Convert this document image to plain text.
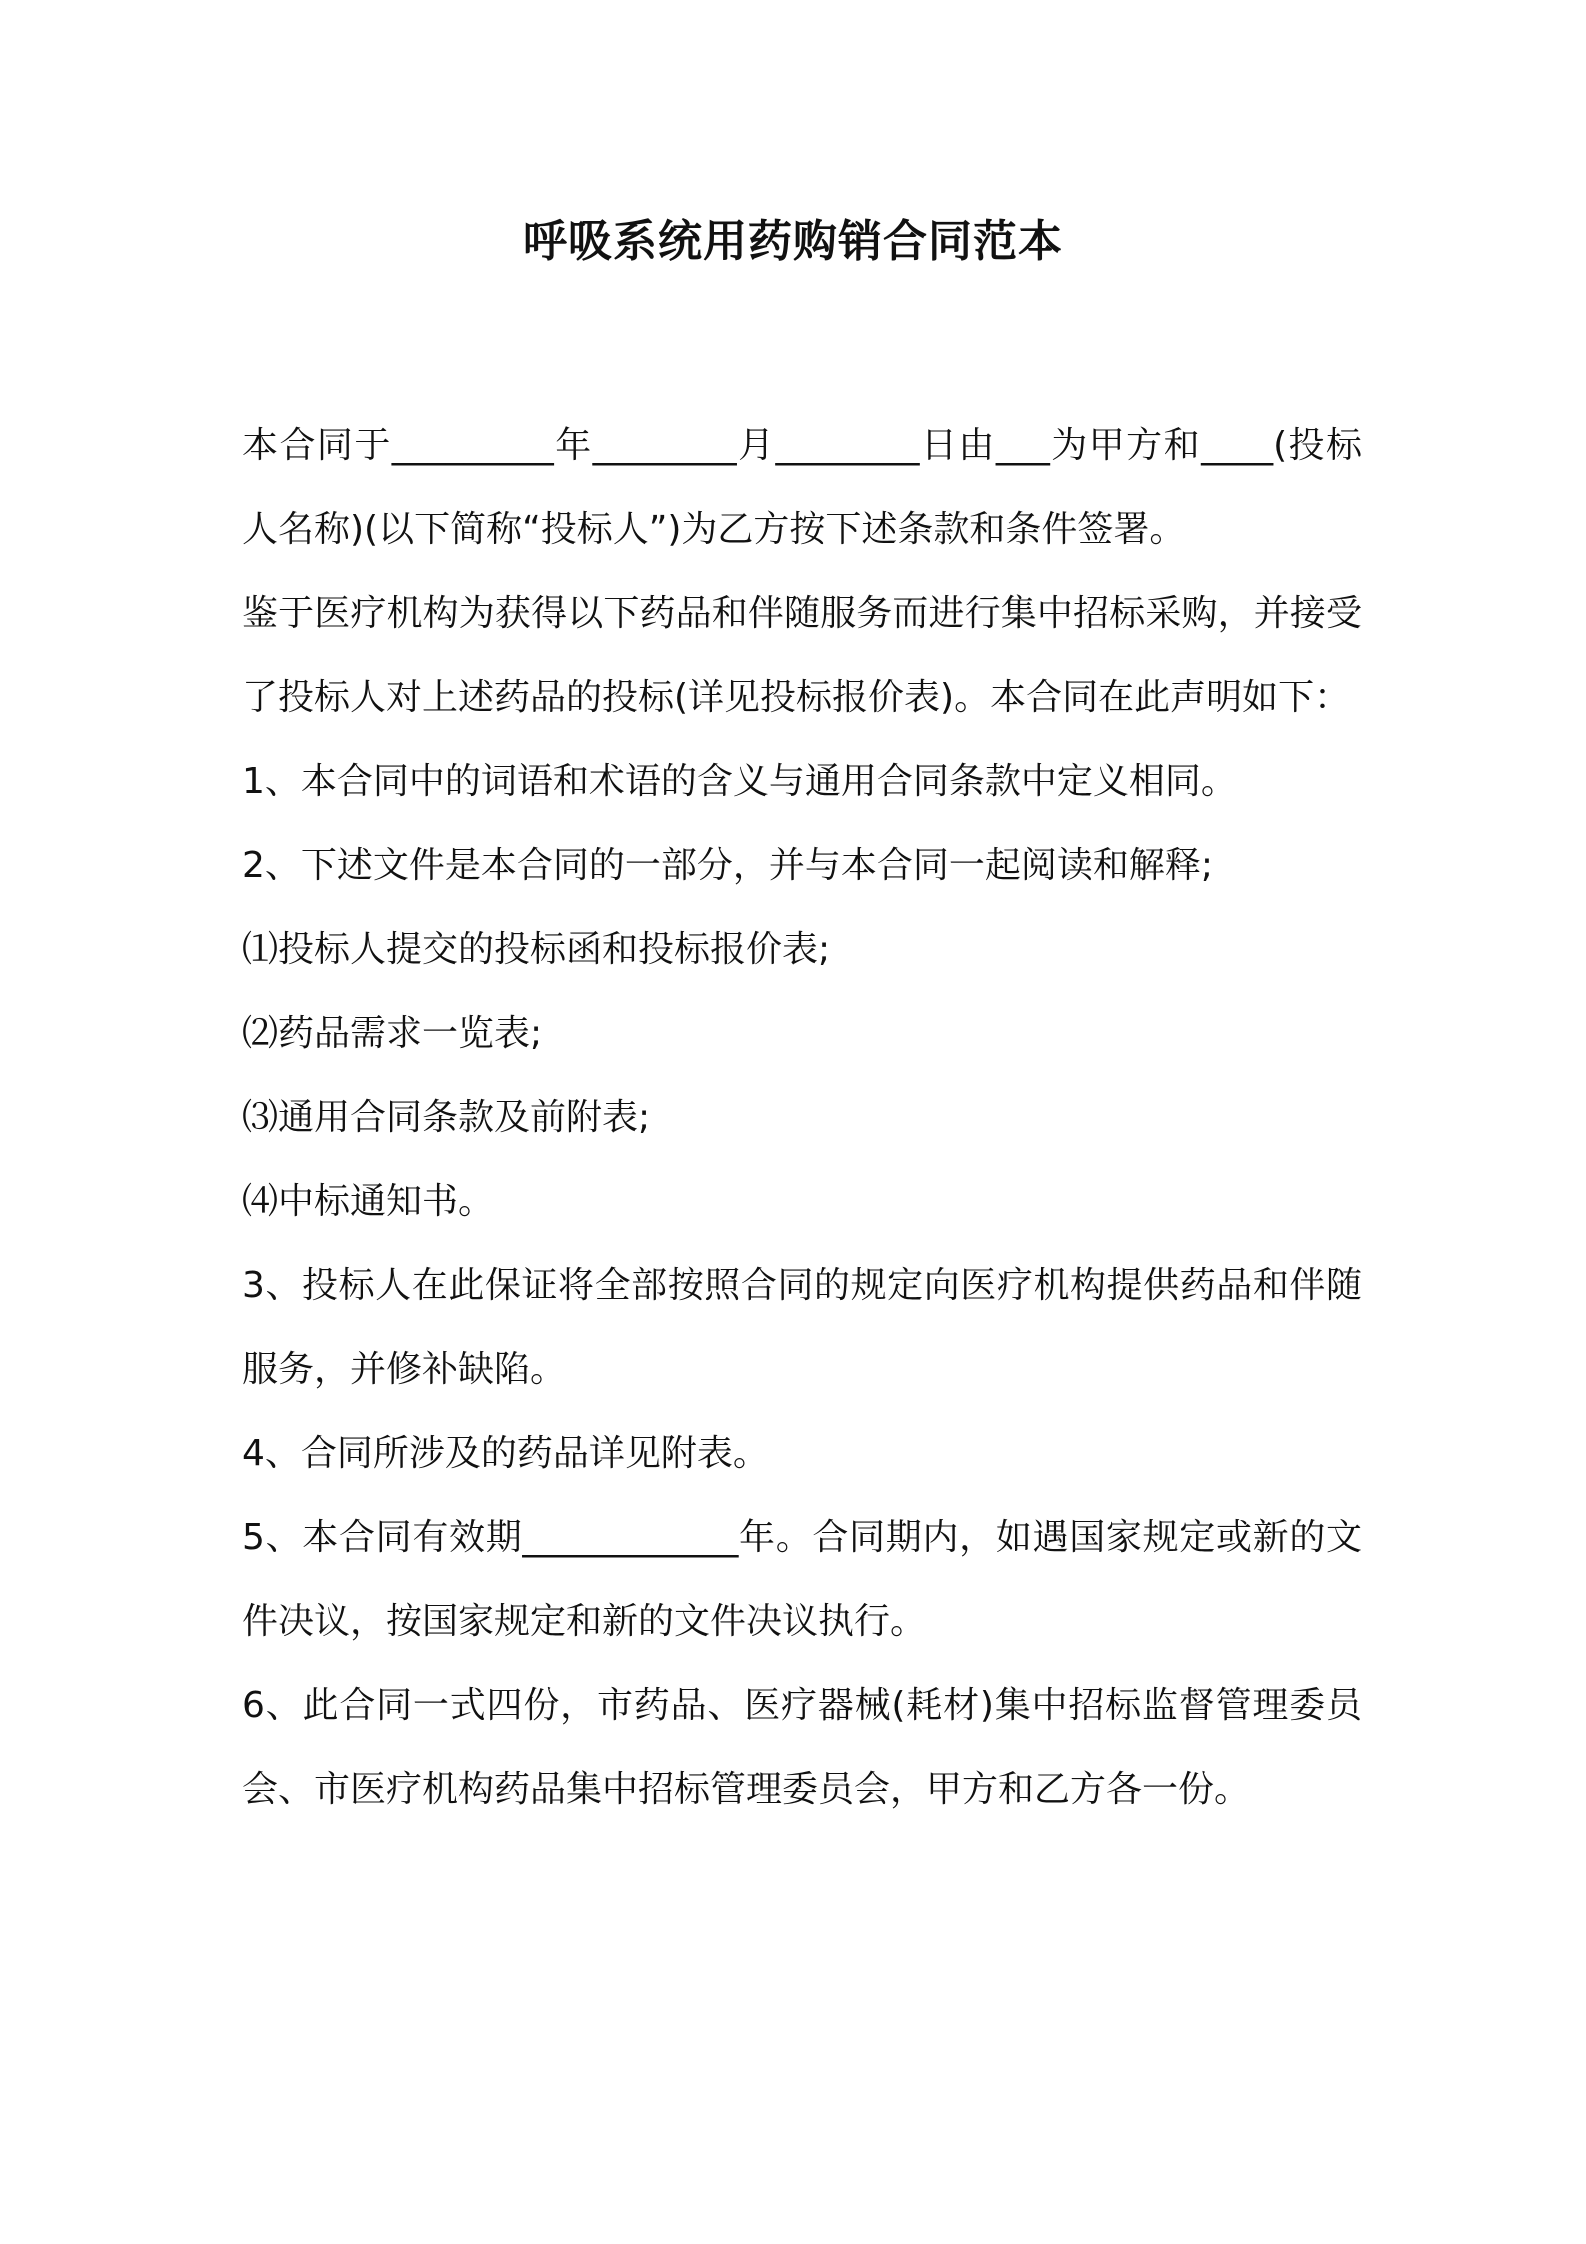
呼吸系统用药购销合同范本

本合同于_________年________月________日由___为甲方和____(投标人名称)(以下简称“投标人”)为乙方按下述条款和条件签署。

鉴于医疗机构为获得以下药品和伴随服务而进行集中招标采购，并接受了投标人对上述药品的投标(详见投标报价表)。本合同在此声明如下：

1、本合同中的词语和术语的含义与通用合同条款中定义相同。

2、下述文件是本合同的一部分，并与本合同一起阅读和解释;

⑴投标人提交的投标函和投标报价表;

⑵药品需求一览表;

⑶通用合同条款及前附表;

⑷中标通知书。

3、投标人在此保证将全部按照合同的规定向医疗机构提供药品和伴随服务，并修补缺陷。

4、合同所涉及的药品详见附表。

5、本合同有效期____________年。合同期内，如遇国家规定或新的文件决议，按国家规定和新的文件决议执行。

6、此合同一式四份，市药品、医疗器械(耗材)集中招标监督管理委员会、市医疗机构药品集中招标管理委员会，甲方和乙方各一份。
